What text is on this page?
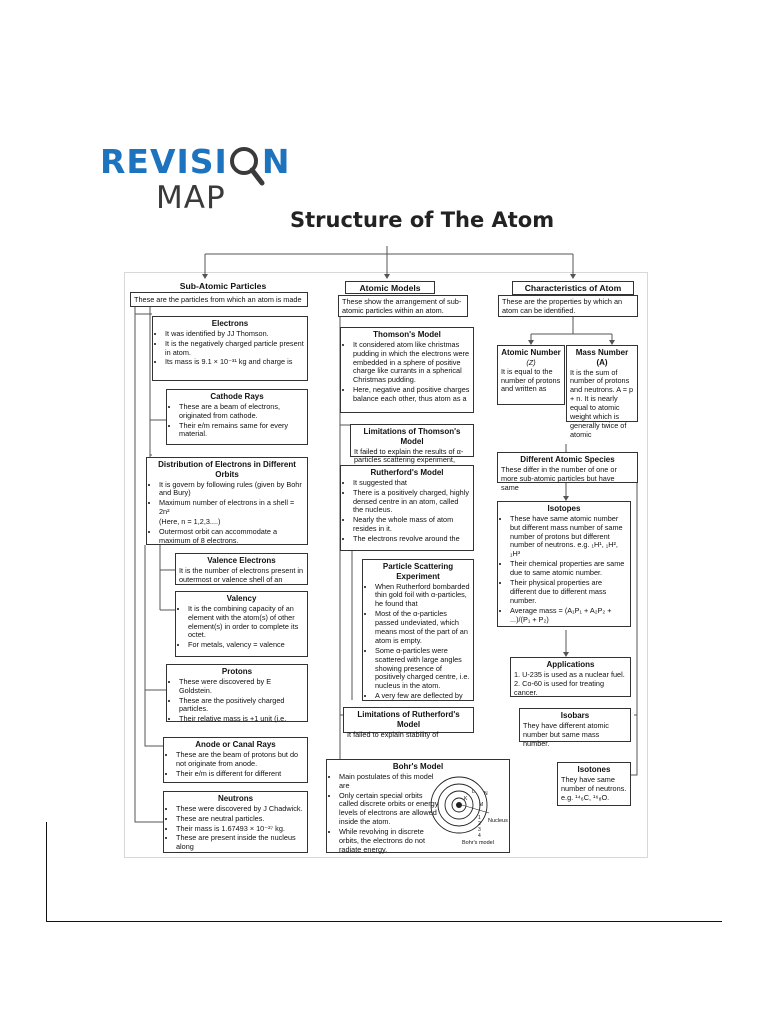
REVISI N
MAP
Structure of The Atom
Sub-Atomic Particles
These are the particles from which an atom is made
Electrons
• It was identified by JJ Thomson.
• It is the negatively charged particle present in atom.
• Its mass is 9.1 × 10⁻³¹ kg and charge is
Cathode Rays
• These are a beam of electrons, originated from cathode.
• Their e/m remains same for every material.
Distribution of Electrons in Different Orbits
• It is govern by following rules (given by Bohr and Bury)
• Maximum number of electrons in a shell = 2n²
(Here, n = 1,2,3....)
• Outermost orbit can accommodate a maximum of 8 electrons.
Valence Electrons
It is the number of electrons present in outermost or valence shell of an
Valency
• It is the combining capacity of an element with the atom(s) of other element(s) in order to complete its octet.
• For metals, valency = valence
Protons
• These were discovered by E Goldstein.
• These are the positively charged particles.
• Their relative mass is +1 unit (i.e.
Anode or Canal Rays
• These are the beam of protons but do not originate from anode.
• Their e/m is different for different
Neutrons
• These were discovered by J Chadwick.
• These are neutral particles.
• Their mass is 1.67493 × 10⁻²⁷ kg.
• These are present inside the nucleus along
Atomic Models
These show the arrangement of sub-atomic particles within an atom.
Thomson's Model
• It considered atom like christmas pudding in which the electrons were embedded in a sphere of positive charge like currants in a spherical Christmas pudding.
• Here, negative and positive charges balance each other, thus atom as a
Limitations of Thomson's Model
It failed to explain the results of α-particles scattering experiment,
Rutherford's Model
• It suggested that
• There is a positively charged, highly densed centre in an atom, called the nucleus.
• Nearly the whole mass of atom resides in it.
• The electrons revolve around the
Particle Scattering Experiment
• When Rutherford bombarded thin gold foil with α-particles, he found that
• Most of the α-particles passed undeviated, which means most of the part of an atom is empty.
• Some α-particles were scattered with large angles showing presence of positively charged centre, i.e. nucleus in the atom.
• A very few are deflected by
Limitations of Rutherford's Model
It failed to explain stability of
Bohr's Model
• Main postulates of this model are
• Only certain special orbits called discrete orbits or energy levels of electrons are allowed inside the atom.
• While revolving in discrete orbits, the electrons do not radiate energy.
K
L
M
N
1
2
3
4
Nucleus
Bohr's model
Characteristics of Atom
These are the properties by which an atom can be identified.
Atomic Number
(Z)
It is equal to the number of protons and written as
Mass Number (A)
It is the sum of number of protons and neutrons. A = p + n. It is nearly equal to atomic weight which is generally twice of atomic
Different Atomic Species
These differ in the number of one or more sub-atomic particles but have same
Isotopes
• These have same atomic number but different mass number of same number of protons but different number of neutrons. e.g. ₁H¹, ₁H², ₁H³
• Their chemical properties are same due to same atomic number.
• Their physical properties are different due to different mass number.
• Average mass = (A₁P₁ + A₂P₂ + ...)/(P₁ + P₂)
Applications
1. U-235 is used as a nuclear fuel.
2. Co-60 is used for treating cancer.
Isobars
They have different atomic number but same mass number.
Isotones
They have same number of neutrons. e.g. ¹⁴₆C, ¹⁶₈O.
